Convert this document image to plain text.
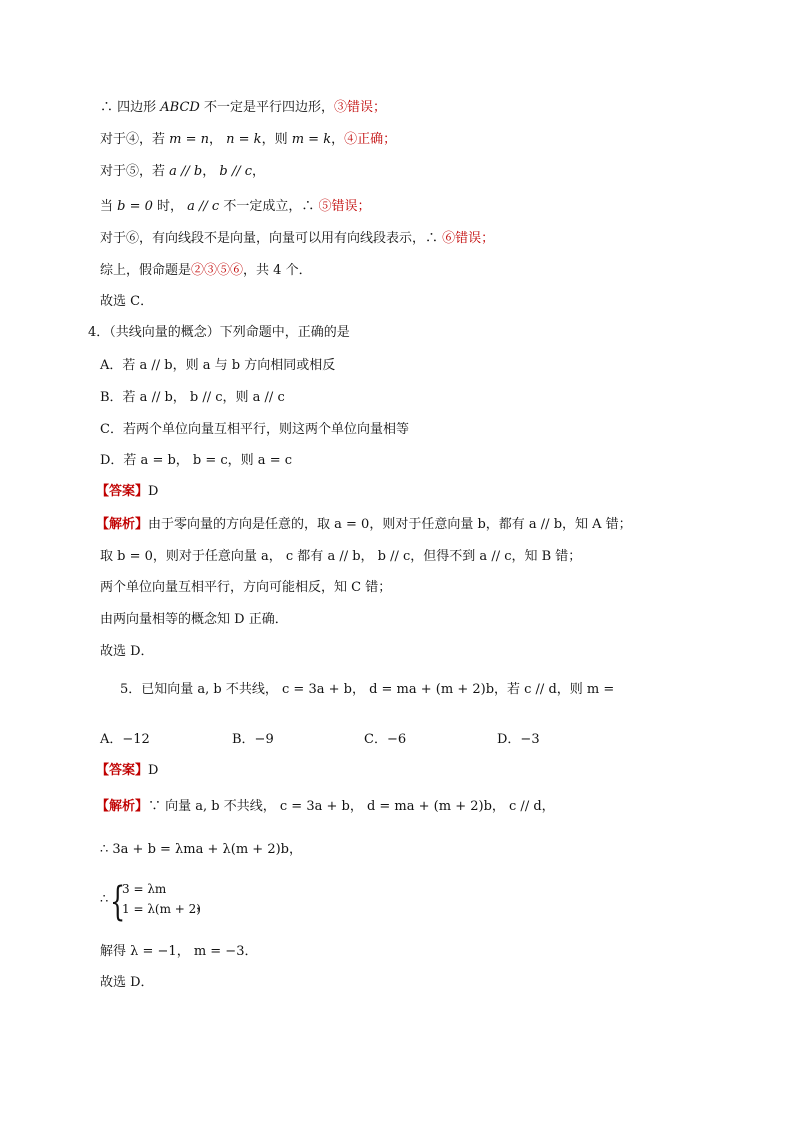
∴ 四边形 ABCD 不一定是平行四边形，③错误；
对于④，若 m = n， n = k，则 m = k，④正确；
对于⑤，若 a // b， b // c，
当 b = 0 时， a // c 不一定成立，∴ ⑤错误；
对于⑥，有向线段不是向量，向量可以用有向线段表示，∴ ⑥错误；
综上，假命题是②③⑤⑥，共 4 个．
故选 C．
4．（共线向量的概念）下列命题中，正确的是
A．若 a // b，则 a 与 b 方向相同或相反
B．若 a // b， b // c，则 a // c
C．若两个单位向量互相平行，则这两个单位向量相等
D．若 a = b， b = c，则 a = c
【答案】D
【解析】由于零向量的方向是任意的，取 a = 0，则对于任意向量 b，都有 a // b，知 A 错；
取 b = 0，则对于任意向量 a， c 都有 a // b， b // c，但得不到 a // c，知 B 错；
两个单位向量互相平行，方向可能相反，知 C 错；
由两向量相等的概念知 D 正确．
故选 D．
5．已知向量 a, b 不共线， c = 3a + b， d = ma + (m + 2)b，若 c // d，则 m =
A．−12	B．−9	C．−6	D．−3
【答案】D
【解析】∵ 向量 a, b 不共线， c = 3a + b， d = ma + (m + 2)b， c // d，
∴ 3a + b = λma + λ(m + 2)b，
∴ {
3 = λm
1 = λ(m + 2)
，
解得 λ = −1， m = −3．
故选 D．
